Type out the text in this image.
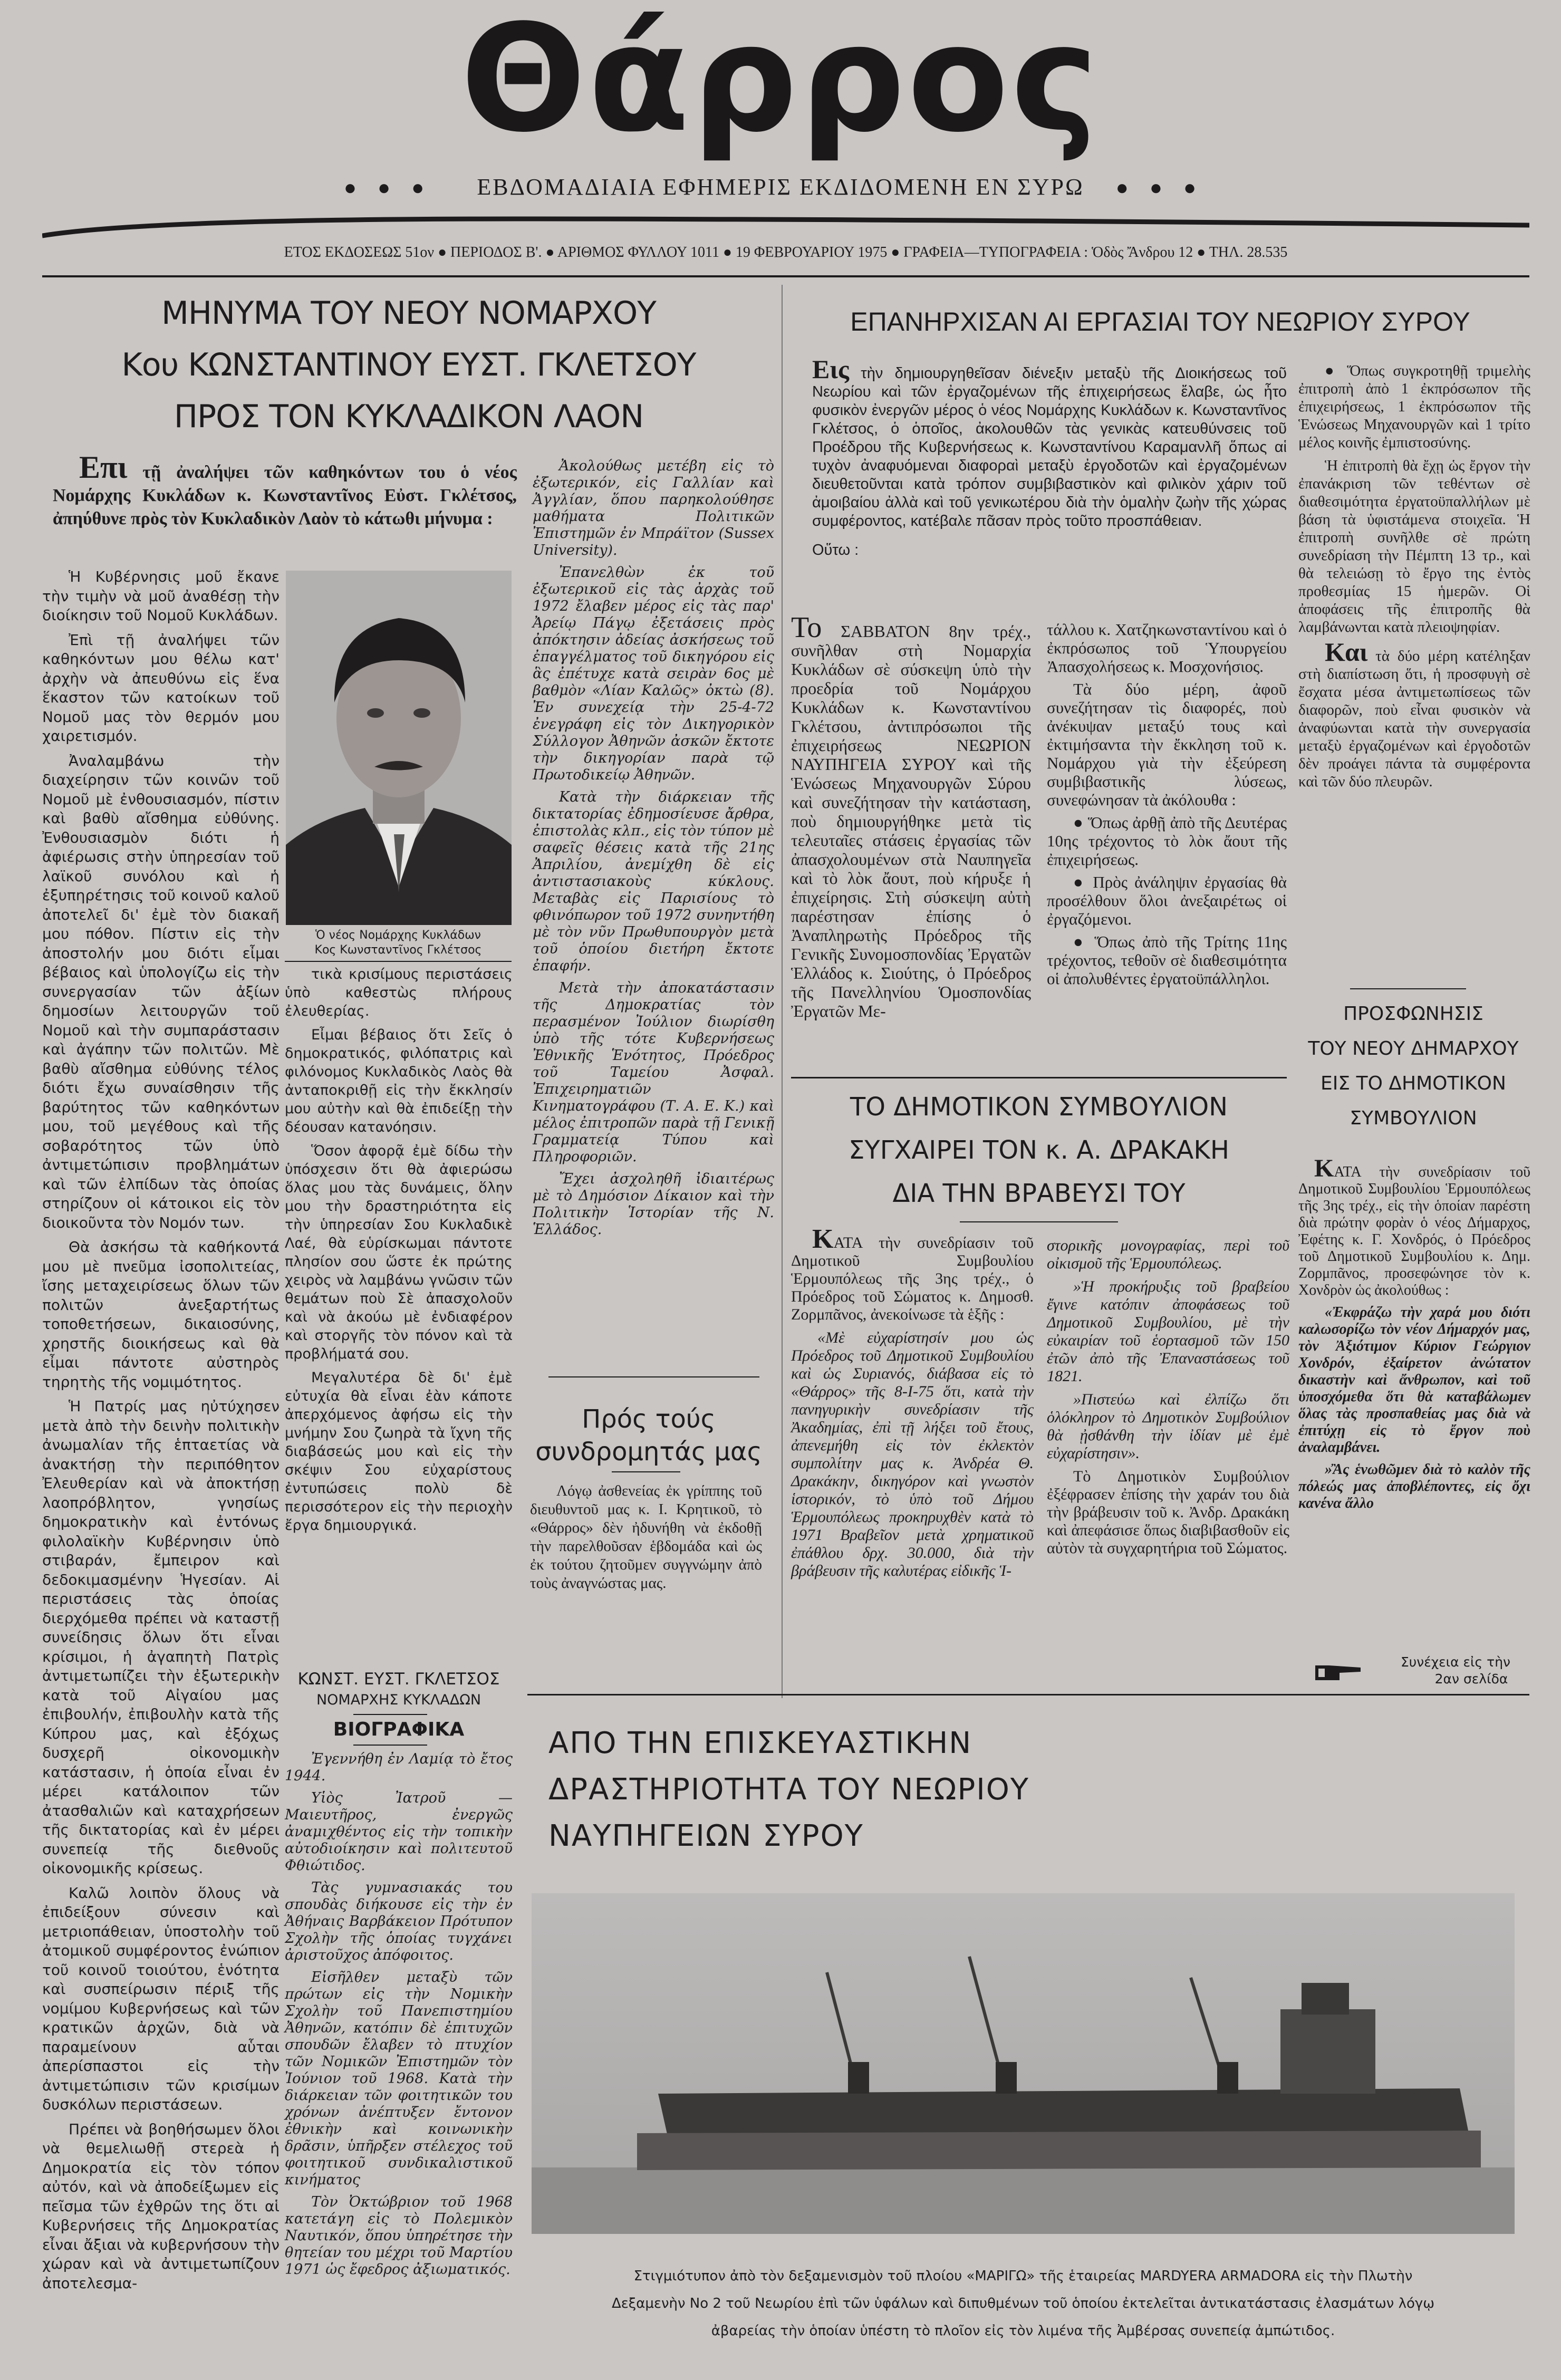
Θάρρος
●●● ΕΒΔΟΜΑΔΙΑΙΑ ΕΦΗΜΕΡΙΣ ΕΚΔΙΔΟΜΕΝΗ ΕΝ ΣΥΡΩ ●●●
ΕΤΟΣ ΕΚΔΟΣΕΩΣ 51ον ● ΠΕΡΙΟΔΟΣ Β'. ● ΑΡΙΘΜΟΣ ΦΥΛΛΟΥ 1011 ● 19 ΦΕΒΡΟΥΑΡΙΟΥ 1975 ● ΓΡΑΦΕΙΑ—ΤΥΠΟΓΡΑΦΕΙΑ : Ὁδὸς Ἄνδρου 12 ● ΤΗΛ. 28.535
ΜΗΝΥΜΑ ΤΟΥ ΝΕΟΥ ΝΟΜΑΡΧΟΥ
Κου ΚΩΝΣΤΑΝΤΙΝΟΥ ΕΥΣΤ. ΓΚΛΕΤΣΟΥ
ΠΡΟΣ ΤΟΝ ΚΥΚΛΑΔΙΚΟΝ ΛΑΟΝ
Επι τῇ ἀναλήψει τῶν καθηκόντων του ὁ νέος Νομάρχης Κυκλάδων κ. Κωνσταντῖνος Εὐστ. Γκλέτσος, ἀπηύθυνε πρὸς τὸν Κυκλαδικὸν Λαὸν τὸ κάτωθι μήνυμα :

Ἡ Κυβέρνησις μοῦ ἔκανε τὴν τιμὴν νὰ μοῦ ἀναθέσῃ τὴν διοίκησιν τοῦ Νομοῦ Κυκλάδων.

Ἐπὶ τῇ ἀναλήψει τῶν καθηκόντων μου θέλω κατ' ἀρχὴν νὰ ἀπευθύνω εἰς ἕνα ἕκαστον τῶν κατοίκων τοῦ Νομοῦ μας τὸν θερμόν μου χαιρετισμόν.

Ἀναλαμβάνω τὴν διαχείρησιν τῶν κοινῶν τοῦ Νομοῦ μὲ ἐνθουσιασμόν, πίστιν καὶ βαθὺ αἴσθημα εὐθύνης. Ἐνθουσιασμὸν διότι ἡ ἀφιέρωσις στὴν ὑπηρεσίαν τοῦ λαϊκοῦ συνόλου καὶ ἡ ἐξυπηρέτησις τοῦ κοινοῦ καλοῦ ἀποτελεῖ δι' ἐμὲ τὸν διακαῆ μου πόθον. Πίστιν εἰς τὴν ἀποστολήν μου διότι εἶμαι βέβαιος καὶ ὑπολογίζω εἰς τὴν συνεργασίαν τῶν ἀξίων δημοσίων λειτουργῶν τοῦ Νομοῦ καὶ τὴν συμπαράστασιν καὶ ἀγάπην τῶν πολιτῶν. Μὲ βαθὺ αἴσθημα εὐθύνης τέλος διότι ἔχω συναίσθησιν τῆς βαρύτητος τῶν καθηκόντων μου, τοῦ μεγέθους καὶ τῆς σοβαρότητος τῶν ὑπὸ ἀντιμετώπισιν προβλημάτων καὶ τῶν ἐλπίδων τὰς ὁποίας στηρίζουν οἱ κάτοικοι εἰς τὸν διοικοῦντα τὸν Νομόν των.

Θὰ ἀσκήσω τὰ καθήκοντά μου μὲ πνεῦμα ἰσοπολιτείας, ἴσης μεταχειρίσεως ὅλων τῶν πολιτῶν ἀνεξαρτήτως τοποθετήσεων, δικαιοσύνης, χρηστῆς διοικήσεως καὶ θὰ εἶμαι πάντοτε αὐστηρὸς τηρητὴς τῆς νομιμότητος.

Ἡ Πατρίς μας ηὐτύχησεν μετὰ ἀπὸ τὴν δεινὴν πολιτικὴν ἀνωμαλίαν τῆς ἑπταετίας νὰ ἀνακτήσῃ τὴν περιπόθητον Ἐλευθερίαν καὶ νὰ ἀποκτήσῃ λαοπρόβλητον, γνησίως δημοκρατικὴν καὶ ἐντόνως φιλολαϊκὴν Κυβέρνησιν ὑπὸ στιβαράν, ἔμπειρον καὶ δεδοκιμασμένην Ἡγεσίαν. Αἱ περιστάσεις τὰς ὁποίας διερχόμεθα πρέπει νὰ καταστῇ συνείδησις ὅλων ὅτι εἶναι κρίσιμοι, ἡ ἀγαπητὴ Πατρὶς ἀντιμετωπίζει τὴν ἐξωτερικὴν κατὰ τοῦ Αἰγαίου μας ἐπιβουλήν, ἐπιβουλὴν κατὰ τῆς Κύπρου μας, καὶ ἐξόχως δυσχερῆ οἰκονομικὴν κατάστασιν, ἡ ὁποία εἶναι ἐν μέρει κατάλοιπον τῶν ἀτασθαλιῶν καὶ καταχρήσεων τῆς δικτατορίας καὶ ἐν μέρει συνεπείᾳ τῆς διεθνοῦς οἰκονομικῆς κρίσεως.

Καλῶ λοιπὸν ὅλους νὰ ἐπιδείξουν σύνεσιν καὶ μετριοπάθειαν, ὑποστολὴν τοῦ ἀτομικοῦ συμφέροντος ἐνώπιον τοῦ κοινοῦ τοιούτου, ἑνότητα καὶ συσπείρωσιν πέριξ τῆς νομίμου Κυβερνήσεως καὶ τῶν κρατικῶν ἀρχῶν, διὰ νὰ παραμείνουν αὗται ἀπερίσπαστοι εἰς τὴν ἀντιμετώπισιν τῶν κρισίμων δυσκόλων περιστάσεων.

Πρέπει νὰ βοηθήσωμεν ὅλοι νὰ θεμελιωθῇ στερεὰ ἡ Δημοκρατία εἰς τὸν τόπον αὐτόν, καὶ νὰ ἀποδείξωμεν εἰς πεῖσμα τῶν ἐχθρῶν της ὅτι αἱ Κυβερνήσεις τῆς Δημοκρατίας εἶναι ἄξιαι νὰ κυβερνήσουν τὴν χώραν καὶ νὰ ἀντιμετωπίζουν ἀποτελεσμα-

Ὁ νέος Νομάρχης Κυκλάδων
Κος Κωνσταντῖνος Γκλέτσος

τικὰ κρισίμους περιστάσεις ὑπὸ καθεστὼς πλήρους ἐλευθερίας.

Εἶμαι βέβαιος ὅτι Σεῖς ὁ δημοκρατικός, φιλόπατρις καὶ φιλόνομος Κυκλαδικὸς Λαὸς θὰ ἀνταποκριθῇ εἰς τὴν ἔκκλησίν μου αὐτὴν καὶ θὰ ἐπιδείξῃ τὴν δέουσαν κατανόησιν.

Ὅσον ἀφορᾷ ἐμὲ δίδω τὴν ὑπόσχεσιν ὅτι θὰ ἀφιερώσω ὅλας μου τὰς δυνάμεις, ὅλην μου τὴν δραστηριότητα εἰς τὴν ὑπηρεσίαν Σου Κυκλαδικὲ Λαέ, θὰ εὑρίσκωμαι πάντοτε πλησίον σου ὥστε ἐκ πρώτης χειρὸς νὰ λαμβάνω γνῶσιν τῶν θεμάτων ποὺ Σὲ ἀπασχολοῦν καὶ νὰ ἀκούω μὲ ἐνδιαφέρον καὶ στοργῆς τὸν πόνον καὶ τὰ προβλήματά σου.

Μεγαλυτέρα δὲ δι' ἐμὲ εὐτυχία θὰ εἶναι ἐὰν κάποτε ἀπερχόμενος ἀφήσω εἰς τὴν μνήμην Σου ζωηρὰ τὰ ἴχνη τῆς διαβάσεώς μου καὶ εἰς τὴν σκέψιν Σου εὐχαρίστους ἐντυπώσεις πολὺ δὲ περισσότερον εἰς τὴν περιοχὴν ἔργα δημιουργικά.

ΚΩΝΣΤ. ΕΥΣΤ. ΓΚΛΕΤΣΟΣ
ΝΟΜΑΡΧΗΣ ΚΥΚΛΑΔΩΝ
ΒΙΟΓΡΑΦΙΚΑ

Ἐγεννήθη ἐν Λαμίᾳ τὸ ἔτος 1944.

Υἱὸς Ἰατροῦ — Μαιευτῆρος, ἐνεργῶς ἀναμιχθέντος εἰς τὴν τοπικὴν αὐτοδιοίκησιν καὶ πολιτευτοῦ Φθιώτιδος.

Τὰς γυμνασιακάς του σπουδὰς διήκουσε εἰς τὴν ἐν Ἀθήναις Βαρβάκειον Πρότυπον Σχολὴν τῆς ὁποίας τυγχάνει ἀριστοῦχος ἀπόφοιτος.

Εἰσῆλθεν μεταξὺ τῶν πρώτων εἰς τὴν Νομικὴν Σχολὴν τοῦ Πανεπιστημίου Ἀθηνῶν, κατόπιν δὲ ἐπιτυχῶν σπουδῶν ἔλαβεν τὸ πτυχίον τῶν Νομικῶν Ἐπιστημῶν τὸν Ἰούνιον τοῦ 1968. Κατὰ τὴν διάρκειαν τῶν φοιτητικῶν του χρόνων ἀνέπτυξεν ἔντονον ἐθνικὴν καὶ κοινωνικὴν δρᾶσιν, ὑπῆρξεν στέλεχος τοῦ φοιτητικοῦ συνδικαλιστικοῦ κινήματος

Τὸν Ὀκτώβριον τοῦ 1968 κατετάγη εἰς τὸ Πολεμικὸν Ναυτικόν, ὅπου ὑπηρέτησε τὴν θητείαν του μέχρι τοῦ Μαρτίου 1971 ὡς ἔφεδρος ἀξιωματικός.

Ἀκολούθως μετέβη εἰς τὸ ἐξωτερικόν, εἰς Γαλλίαν καὶ Ἀγγλίαν, ὅπου παρηκολούθησε μαθήματα Πολιτικῶν Ἐπιστημῶν ἐν Μπράϊτον (Sussex University).

Ἐπανελθὼν ἐκ τοῦ ἐξωτερικοῦ εἰς τὰς ἀρχὰς τοῦ 1972 ἔλαβεν μέρος εἰς τὰς παρ' Ἀρείῳ Πάγῳ ἐξετάσεις πρὸς ἀπόκτησιν ἀδείας ἀσκήσεως τοῦ ἐπαγγέλματος τοῦ δικηγόρου εἰς ἃς ἐπέτυχε κατὰ σειρὰν 6ος μὲ βαθμὸν «Λίαν Καλῶς» ὀκτὼ (8). Ἐν συνεχείᾳ τὴν 25-4-72 ἐνεγράφη εἰς τὸν Δικηγορικὸν Σύλλογον Ἀθηνῶν ἀσκῶν ἔκτοτε τὴν δικηγορίαν παρὰ τῷ Πρωτοδικείῳ Ἀθηνῶν.

Κατὰ τὴν διάρκειαν τῆς δικτατορίας ἐδημοσίευσε ἄρθρα, ἐπιστολὰς κλπ., εἰς τὸν τύπον μὲ σαφεῖς θέσεις κατὰ τῆς 21ης Ἀπριλίου, ἀνεμίχθη δὲ εἰς ἀντιστασιακοὺς κύκλους. Μεταβὰς εἰς Παρισίους τὸ φθινόπωρον τοῦ 1972 συνηντήθη μὲ τὸν νῦν Πρωθυπουργὸν μετὰ τοῦ ὁποίου διετήρη ἔκτοτε ἐπαφήν.

Μετὰ τὴν ἀποκατάστασιν τῆς Δημοκρατίας τὸν περασμένον Ἰούλιον διωρίσθη ὑπὸ τῆς τότε Κυβερνήσεως Ἐθνικῆς Ἑνότητος, Πρόεδρος τοῦ Ταμείου Ἀσφαλ. Ἐπιχειρηματιῶν Κινηματογράφου (Τ. Α. Ε. Κ.) καὶ μέλος ἐπιτροπῶν παρὰ τῇ Γενικῇ Γραμματείᾳ Τύπου καὶ Πληροφοριῶν.

Ἔχει ἀσχοληθῆ ἰδιαιτέρως μὲ τὸ Δημόσιον Δίκαιον καὶ τὴν Πολιτικὴν Ἱστορίαν τῆς Ν. Ἑλλάδος.

Πρός τούς
συνδρομητάς μας

Λόγῳ ἀσθενείας ἐκ γρίππης τοῦ διευθυντοῦ μας κ. Ι. Κρητικοῦ, τὸ «Θάρρος» δὲν ἠδυνήθη νὰ ἐκδοθῇ τὴν παρελθοῦσαν ἑβδομάδα καὶ ὡς ἐκ τούτου ζητοῦμεν συγγνώμην ἀπὸ τοὺς ἀναγνώστας μας.

ΕΠΑΝΗΡΧΙΣΑΝ ΑΙ ΕΡΓΑΣΙΑΙ ΤΟΥ ΝΕΩΡΙΟΥ ΣΥΡΟΥ
Εις τὴν δημιουργηθεῖσαν διένεξιν μεταξὺ τῆς Διοικήσεως τοῦ Νεωρίου καὶ τῶν ἐργαζομένων τῆς ἐπιχειρήσεως ἔλαβε, ὡς ἦτο φυσικὸν ἐνεργῶν μέρος ὁ νέος Νομάρχης Κυκλάδων κ. Κωνσταντῖνος Γκλέτσος, ὁ ὁποῖος, ἀκολουθῶν τὰς γενικὰς κατευθύνσεις τοῦ Προέδρου τῆς Κυβερνήσεως κ. Κωνσταντίνου Καραμανλῆ ὅπως αἱ τυχὸν ἀναφυόμεναι διαφοραὶ μεταξὺ ἐργοδοτῶν καὶ ἐργαζομένων διευθετοῦνται κατὰ τρόπον συμβιβαστικὸν καὶ φιλικὸν χάριν τοῦ ἀμοιβαίου ἀλλὰ καὶ τοῦ γενικωτέρου διὰ τὴν ὁμαλὴν ζωὴν τῆς χώρας συμφέροντος, κατέβαλε πᾶσαν πρὸς τοῦτο προσπάθειαν.
Οὕτω :
Το ΣΑΒΒΑΤΟΝ 8ην τρέχ., συνῆλθαν στὴ Νομαρχία Κυκλάδων σὲ σύσκεψη ὑπὸ τὴν προεδρία τοῦ Νομάρχου Κυκλάδων κ. Κωνσταντίνου Γκλέτσου, ἀντιπρόσωποι τῆς ἐπιχειρήσεως ΝΕΩΡΙΟΝ ΝΑΥΠΗΓΕΙΑ ΣΥΡΟΥ καὶ τῆς Ἑνώσεως Μηχανουργῶν Σύρου καὶ συνεζήτησαν τὴν κατάσταση, ποὺ δημιουργήθηκε μετὰ τὶς τελευταῖες στάσεις ἐργασίας τῶν ἀπασχολουμένων στὰ Ναυπηγεῖα καὶ τὸ λὸκ ἄουτ, ποὺ κήρυξε ἡ ἐπιχείρησις. Στὴ σύσκεψη αὐτὴ παρέστησαν ἐπίσης ὁ Ἀναπληρωτὴς Πρόεδρος τῆς Γενικῆς Συνομοσπονδίας Ἐργατῶν Ἑλλάδος κ. Σιούτης, ὁ Πρόεδρος τῆς Πανελληνίου Ὁμοσπονδίας Ἐργατῶν Με-

τάλλου κ. Χατζηκωνσταντίνου καὶ ὁ ἐκπρόσωπος τοῦ Ὑπουργείου Ἀπασχολήσεως κ. Μοσχονήσιος.

Τὰ δύο μέρη, ἀφοῦ συνεζήτησαν τὶς διαφορές, ποὺ ἀνέκυψαν μεταξύ τους καὶ ἐκτιμήσαντα τὴν ἔκκληση τοῦ κ. Νομάρχου γιὰ τὴν ἐξεύρεση συμβιβαστικῆς λύσεως, συνεφώνησαν τὰ ἀκόλουθα :

● Ὅπως ἀρθῇ ἀπὸ τῆς Δευτέρας 10ης τρέχοντος τὸ λὸκ ἄουτ τῆς ἐπιχειρήσεως.

● Πρὸς ἀνάληψιν ἐργασίας θὰ προσέλθουν ὅλοι ἀνεξαιρέτως οἱ ἐργαζόμενοι.

● Ὅπως ἀπὸ τῆς Τρίτης 11ης τρέχοντος, τεθοῦν σὲ διαθεσιμότητα οἱ ἀπολυθέντες ἐργατοϋπάλληλοι.

● Ὅπως συγκροτηθῇ τριμελὴς ἐπιτροπὴ ἀπὸ 1 ἐκπρόσωπον τῆς ἐπιχειρήσεως, 1 ἐκπρόσωπον τῆς Ἑνώσεως Μηχανουργῶν καὶ 1 τρίτο μέλος κοινῆς ἐμπιστοσύνης.

Ἡ ἐπιτροπὴ θὰ ἔχῃ ὡς ἔργον τὴν ἐπανάκριση τῶν τεθέντων σὲ διαθεσιμότητα ἐργατοϋπαλλήλων μὲ βάση τὰ ὑφιστάμενα στοιχεῖα. Ἡ ἐπιτροπὴ συνῆλθε σὲ πρώτη συνεδρίαση τὴν Πέμπτη 13 τρ., καὶ θὰ τελειώσῃ τὸ ἔργο της ἐντὸς προθεσμίας 15 ἡμερῶν. Οἱ ἀποφάσεις τῆς ἐπιτροπῆς θὰ λαμβάνωνται κατὰ πλειοψηφίαν.

Και τὰ δύο μέρη κατέληξαν στὴ διαπίστωση ὅτι, ἡ προσφυγὴ σὲ ἔσχατα μέσα ἀντιμετωπίσεως τῶν διαφορῶν, ποὺ εἶναι φυσικὸν νὰ ἀναφύωνται κατὰ τὴν συνεργασία μεταξὺ ἐργαζομένων καὶ ἐργοδοτῶν δὲν προάγει πάντα τὰ συμφέροντα καὶ τῶν δύο πλευρῶν.

ΤΟ ΔΗΜΟΤΙΚΟΝ ΣΥΜΒΟΥΛΙΟΝ
ΣΥΓΧΑΙΡΕΙ ΤΟΝ κ. Α. ΔΡΑΚΑΚΗ
ΔΙΑ ΤΗΝ ΒΡΑΒΕΥΣΙ ΤΟΥ

ΚΑΤΑ τὴν συνεδρίασιν τοῦ Δημοτικοῦ Συμβουλίου Ἑρμουπόλεως τῆς 3ης τρέχ., ὁ Πρόεδρος τοῦ Σώματος κ. Δημοσθ. Ζορμπᾶνος, ἀνεκοίνωσε τὰ ἑξῆς :

«Μὲ εὐχαρίστησίν μου ὡς Πρόεδρος τοῦ Δημοτικοῦ Συμβουλίου καὶ ὡς Συριανός, διάβασα εἰς τὸ «Θάρρος» τῆς 8-Ι-75 ὅτι, κατὰ τὴν πανηγυρικὴν συνεδρίασιν τῆς Ἀκαδημίας, ἐπὶ τῇ λήξει τοῦ ἔτους, ἀπενεμήθη εἰς τὸν ἐκλεκτὸν συμπολίτην μας κ. Ἀνδρέα Θ. Δρακάκην, δικηγόρον καὶ γνωστὸν ἱστορικόν, τὸ ὑπὸ τοῦ Δήμου Ἑρμουπόλεως προκηρυχθὲν κατὰ τὸ 1971 Βραβεῖον μετὰ χρηματικοῦ ἐπάθλου δρχ. 30.000, διὰ τὴν βράβευσιν τῆς καλυτέρας εἰδικῆς Ἱ-

στορικῆς μονογραφίας, περὶ τοῦ οἰκισμοῦ τῆς Ἑρμουπόλεως.

»Ἡ προκήρυξις τοῦ βραβείου ἔγινε κατόπιν ἀποφάσεως τοῦ Δημοτικοῦ Συμβουλίου, μὲ τὴν εὐκαιρίαν τοῦ ἑορτασμοῦ τῶν 150 ἐτῶν ἀπὸ τῆς Ἐπαναστάσεως τοῦ 1821.

»Πιστεύω καὶ ἐλπίζω ὅτι ὁλόκληρον τὸ Δημοτικὸν Συμβούλιον θὰ ᾐσθάνθη τὴν ἰδίαν μὲ ἐμὲ εὐχαρίστησιν».

Τὸ Δημοτικὸν Συμβούλιον ἐξέφρασεν ἐπίσης τὴν χαράν του διὰ τὴν βράβευσιν τοῦ κ. Ἀνδρ. Δρακάκη καὶ ἀπεφάσισε ὅπως διαβιβασθοῦν εἰς αὐτὸν τὰ συγχαρητήρια τοῦ Σώματος.

ΠΡΟΣΦΩΝΗΣΙΣ
ΤΟΥ ΝΕΟΥ ΔΗΜΑΡΧΟΥ
ΕΙΣ ΤΟ ΔΗΜΟΤΙΚΟΝ
ΣΥΜΒΟΥΛΙΟΝ

ΚΑΤΑ τὴν συνεδρίασιν τοῦ Δημοτικοῦ Συμβουλίου Ἑρμουπόλεως τῆς 3ης τρέχ., εἰς τὴν ὁποίαν παρέστη διὰ πρώτην φορὰν ὁ νέος Δήμαρχος, Ἐφέτης κ. Γ. Χονδρός, ὁ Πρόεδρος τοῦ Δημοτικοῦ Συμβουλίου κ. Δημ. Ζορμπᾶνος, προσεφώνησε τὸν κ. Χονδρὸν ὡς ἀκολούθως :

«Ἐκφράζω τὴν χαρά μου διότι καλωσορίζω τὸν νέον Δήμαρχόν μας, τὸν Ἀξιότιμον Κύριον Γεώργιον Χονδρόν, ἐξαίρετον ἀνώτατον δικαστὴν καὶ ἄνθρωπον, καὶ τοῦ ὑποσχόμεθα ὅτι θὰ καταβάλωμεν ὅλας τὰς προσπαθείας μας διὰ νὰ ἐπιτύχῃ εἰς τὸ ἔργον ποὺ ἀναλαμβάνει.

»Ἂς ἑνωθῶμεν διὰ τὸ καλὸν τῆς πόλεώς μας ἀποβλέποντες, εἰς ὄχι κανένα ἄλλο

Συνέχεια εἰς τὴν
2αν σελίδα
ΑΠΟ ΤΗΝ ΕΠΙΣΚΕΥΑΣΤΙΚΗΝ
ΔΡΑΣΤΗΡΙΟΤΗΤΑ ΤΟΥ ΝΕΩΡΙΟΥ
ΝΑΥΠΗΓΕΙΩΝ ΣΥΡΟΥ
Στιγμιότυπον ἀπὸ τὸν δεξαμενισμὸν τοῦ πλοίου «ΜΑΡΙΓΩ» τῆς ἑταιρείας MARDYERA ARMADORA εἰς τὴν Πλωτὴν
Δεξαμενὴν Νο 2 τοῦ Νεωρίου ἐπὶ τῶν ὑφάλων καὶ διπυθμένων τοῦ ὁποίου ἐκτελεῖται ἀντικατάστασις ἐλασμάτων λόγῳ
ἀβαρείας τὴν ὁποίαν ὑπέστη τὸ πλοῖον εἰς τὸν λιμένα τῆς Ἀμβέρσας συνεπείᾳ ἀμπώτιδος.
